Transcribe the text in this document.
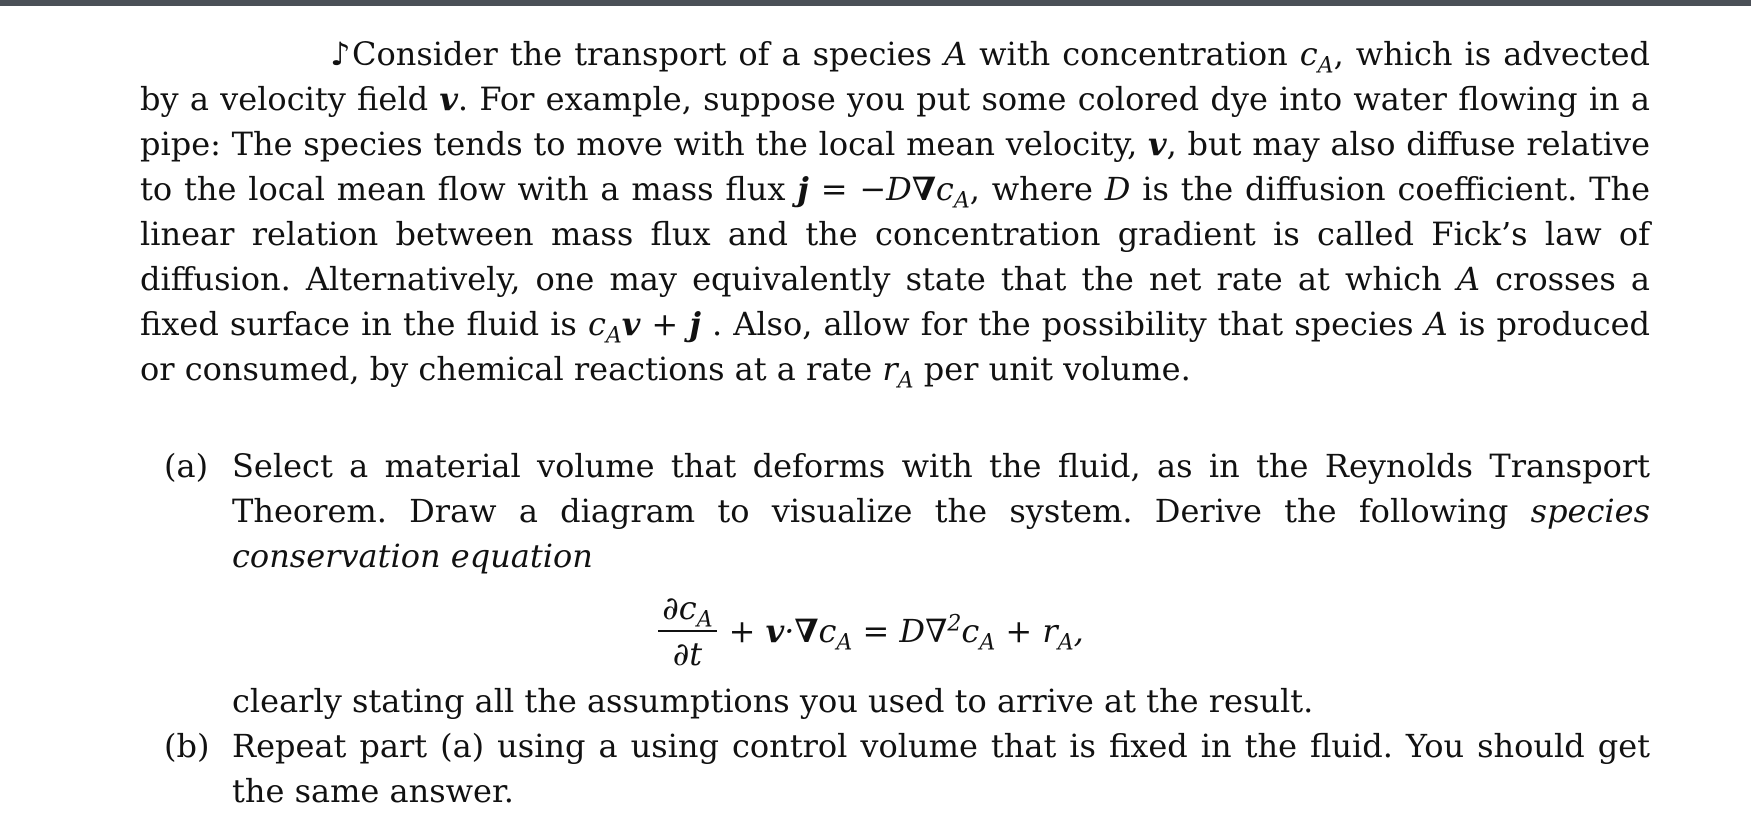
♪Consider the transport of a species A with concentration $c_A$, which is advected by a velocity field v. For example, suppose you put some colored dye into water flowing in a pipe: The species tends to move with the local mean velocity, v, but may also diffuse relative to the local mean flow with a mass flux $j = -D\nabla c_A$, where D is the diffusion coefficient. The linear relation between mass flux and the concentration gradient is called Fick’s law of diffusion. Alternatively, one may equivalently state that the net rate at which A crosses a fixed surface in the fluid is $c_Av + j$ . Also, allow for the possibility that species A is produced or consumed, by chemical reactions at a rate $r_A$ per unit volume.

(a) Select a material volume that deforms with the fluid, as in the Reynolds Transport Theorem. Draw a diagram to visualize the system. Derive the following species conservation equation
$\frac{\partial c_A}{\partial t} + v\cdot\nabla c_A = D\nabla^2c_A + r_A$,
clearly stating all the assumptions you used to arrive at the result.
(b) Repeat part (a) using a using control volume that is fixed in the fluid. You should get the same answer.
